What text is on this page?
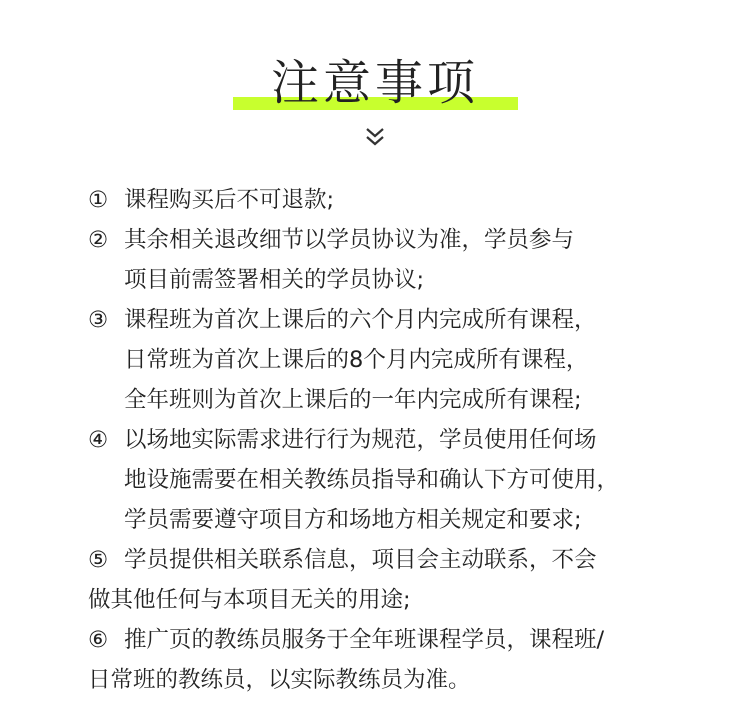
注意事项
① 课程购买后不可退款;
② 其余相关退改细节以学员协议为准，学员参与
项目前需签署相关的学员协议;
③ 课程班为首次上课后的六个月内完成所有课程，
日常班为首次上课后的8个月内完成所有课程，
全年班则为首次上课后的一年内完成所有课程;
④ 以场地实际需求进行行为规范，学员使用任何场
地设施需要在相关教练员指导和确认下方可使用，
学员需要遵守项目方和场地方相关规定和要求;
⑤ 学员提供相关联系信息，项目会主动联系，不会
做其他任何与本项目无关的用途;
⑥ 推广页的教练员服务于全年班课程学员，课程班/
日常班的教练员，以实际教练员为准。
